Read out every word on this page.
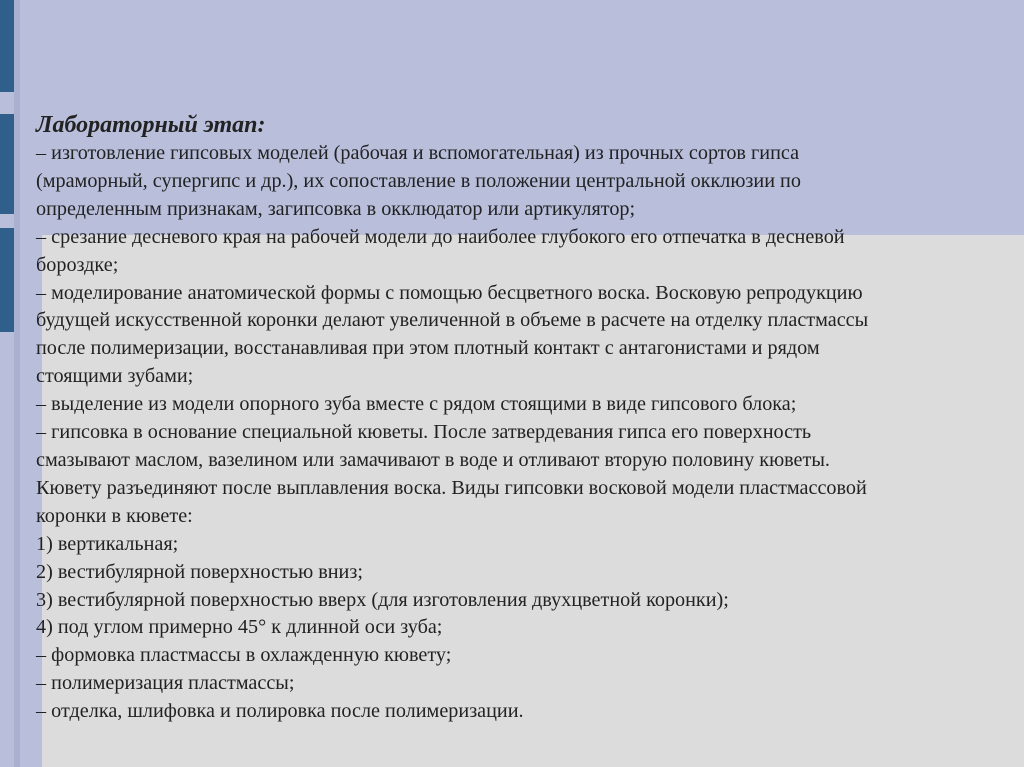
Лабораторный этап:

– изготовление гипсовых моделей (рабочая и вспомогательная) из прочных сортов гипса
(мраморный, супергипс и др.), их сопоставление в положении центральной окклюзии по
определенным признакам, загипсовка в окклюдатор или артикулятор;
– срезание десневого края на рабочей модели до наиболее глубокого его отпечатка в десневой
бороздке;
– моделирование анатомической формы с помощью бесцветного воска. Восковую репродукцию
будущей искусственной коронки делают увеличенной в объеме в расчете на отделку пластмассы
после полимеризации, восстанавливая при этом плотный контакт с антагонистами и рядом
стоящими зубами;
– выделение из модели опорного зуба вместе с рядом стоящими в виде гипсового блока;
– гипсовка в основание специальной кюветы. После затвердевания гипса его поверхность
смазывают маслом, вазелином или замачивают в воде и отливают вторую половину кюветы.
Кювету разъединяют после выплавления воска. Виды гипсовки восковой модели пластмассовой
коронки в кювете:
1) вертикальная;
2) вестибулярной поверхностью вниз;
3) вестибулярной поверхностью вверх (для изготовления двухцветной коронки);
4) под углом примерно 45° к длинной оси зуба;
– формовка пластмассы в охлажденную кювету;
– полимеризация пластмассы;
– отделка, шлифовка и полировка после полимеризации.
